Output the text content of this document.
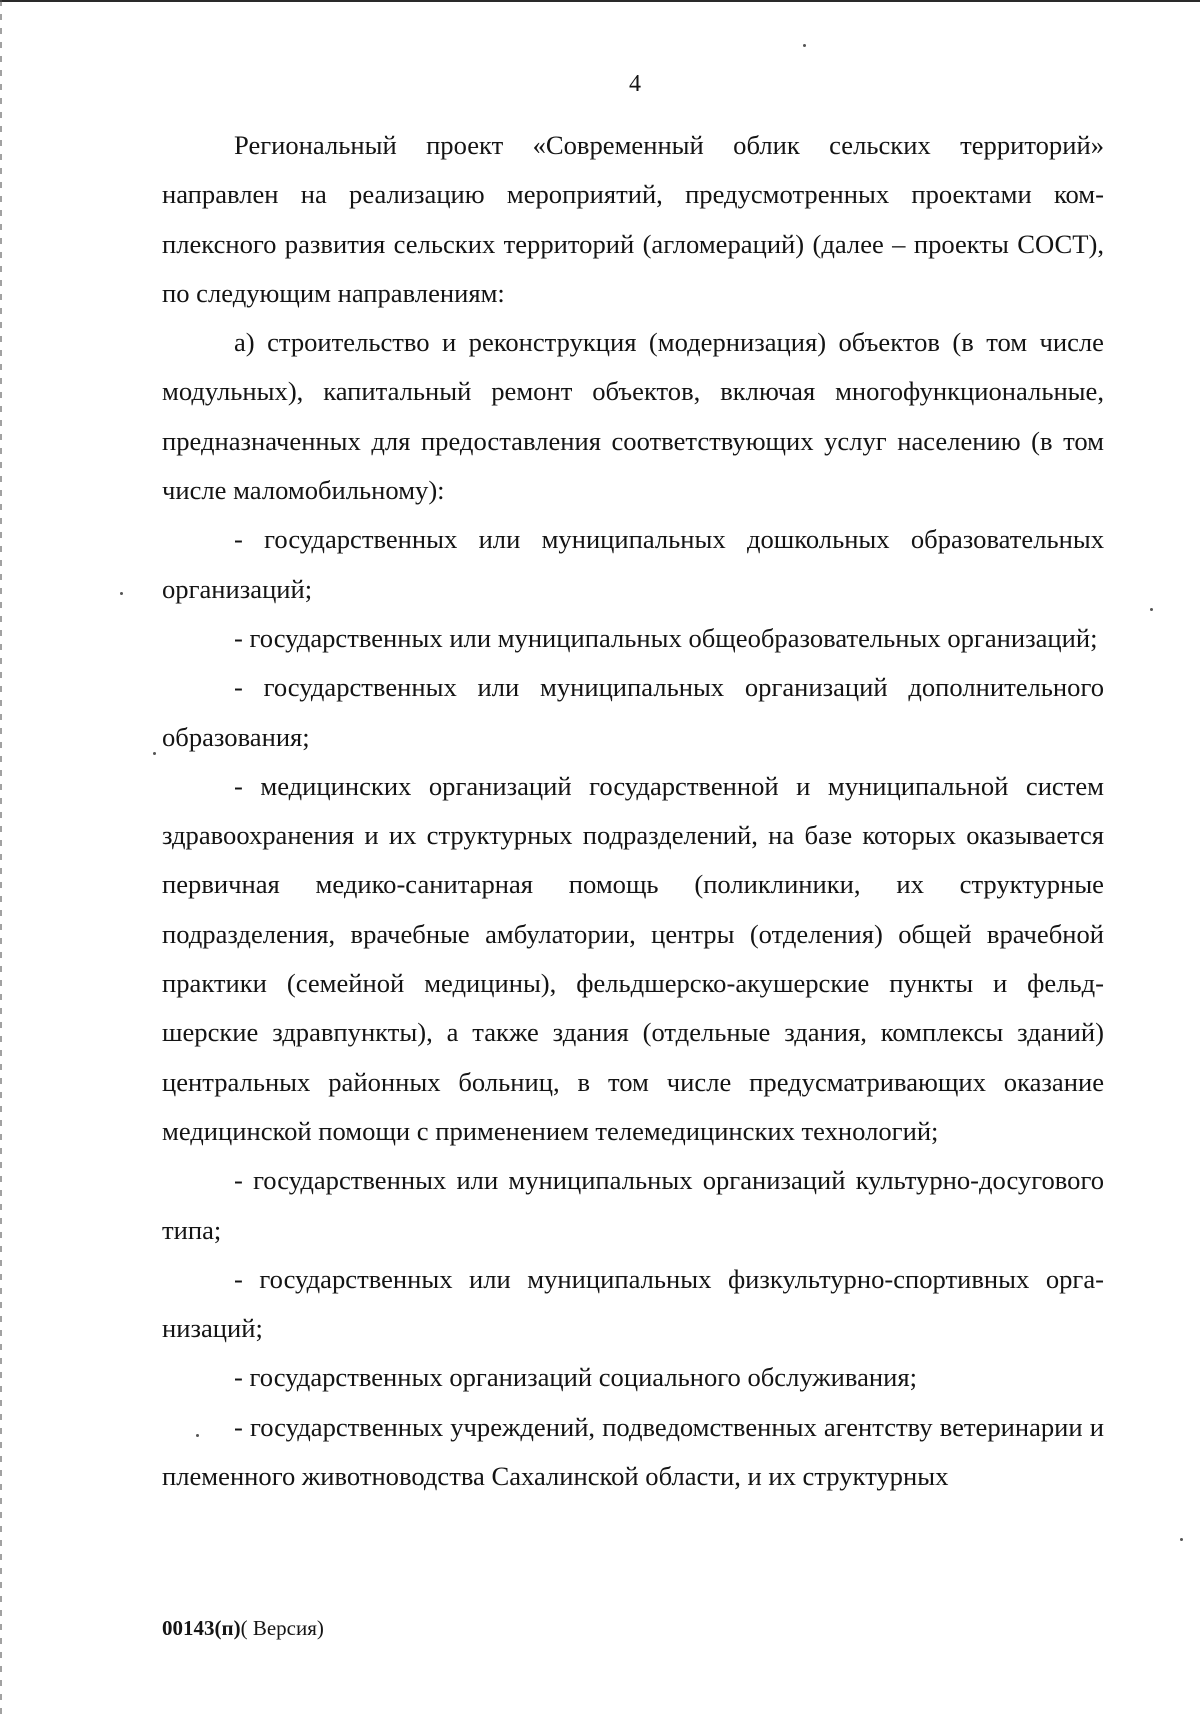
4

Региональный проект «Современный облик сельских территорий» направлен на реализацию мероприятий, предусмотренных проектами комплексного развития сельских территорий (агломераций) (далее – проекты СОСТ), по следующим направлениям:

а) строительство и реконструкция (модернизация) объектов (в том числе модульных), капитальный ремонт объектов, включая многофункциональные, предназначенных для предоставления соответствующих услуг населению (в том числе маломобильному):

- государственных или муниципальных дошкольных образовательных организаций;

- государственных или муниципальных общеобразовательных организаций;

- государственных или муниципальных организаций дополнительного образования;

- медицинских организаций государственной и муниципальной систем здравоохранения и их структурных подразделений, на базе которых оказывается первичная медико-санитарная помощь (поликлиники, их структурные подразделения, врачебные амбулатории, центры (отделения) общей врачебной практики (семейной медицины), фельдшерско-акушерские пункты и фельдшерские здравпункты), а также здания (отдельные здания, комплексы зданий) центральных районных больниц, в том числе предусматривающих оказание медицинской помощи с применением телемедицинских технологий;

- государственных или муниципальных организаций культурно-досугового типа;

- государственных или муниципальных физкультурно-спортивных организаций;

- государственных организаций социального обслуживания;

- государственных учреждений, подведомственных агентству ветеринарии и племенного животноводства Сахалинской области, и их структурных

00143(п)( Версия)
